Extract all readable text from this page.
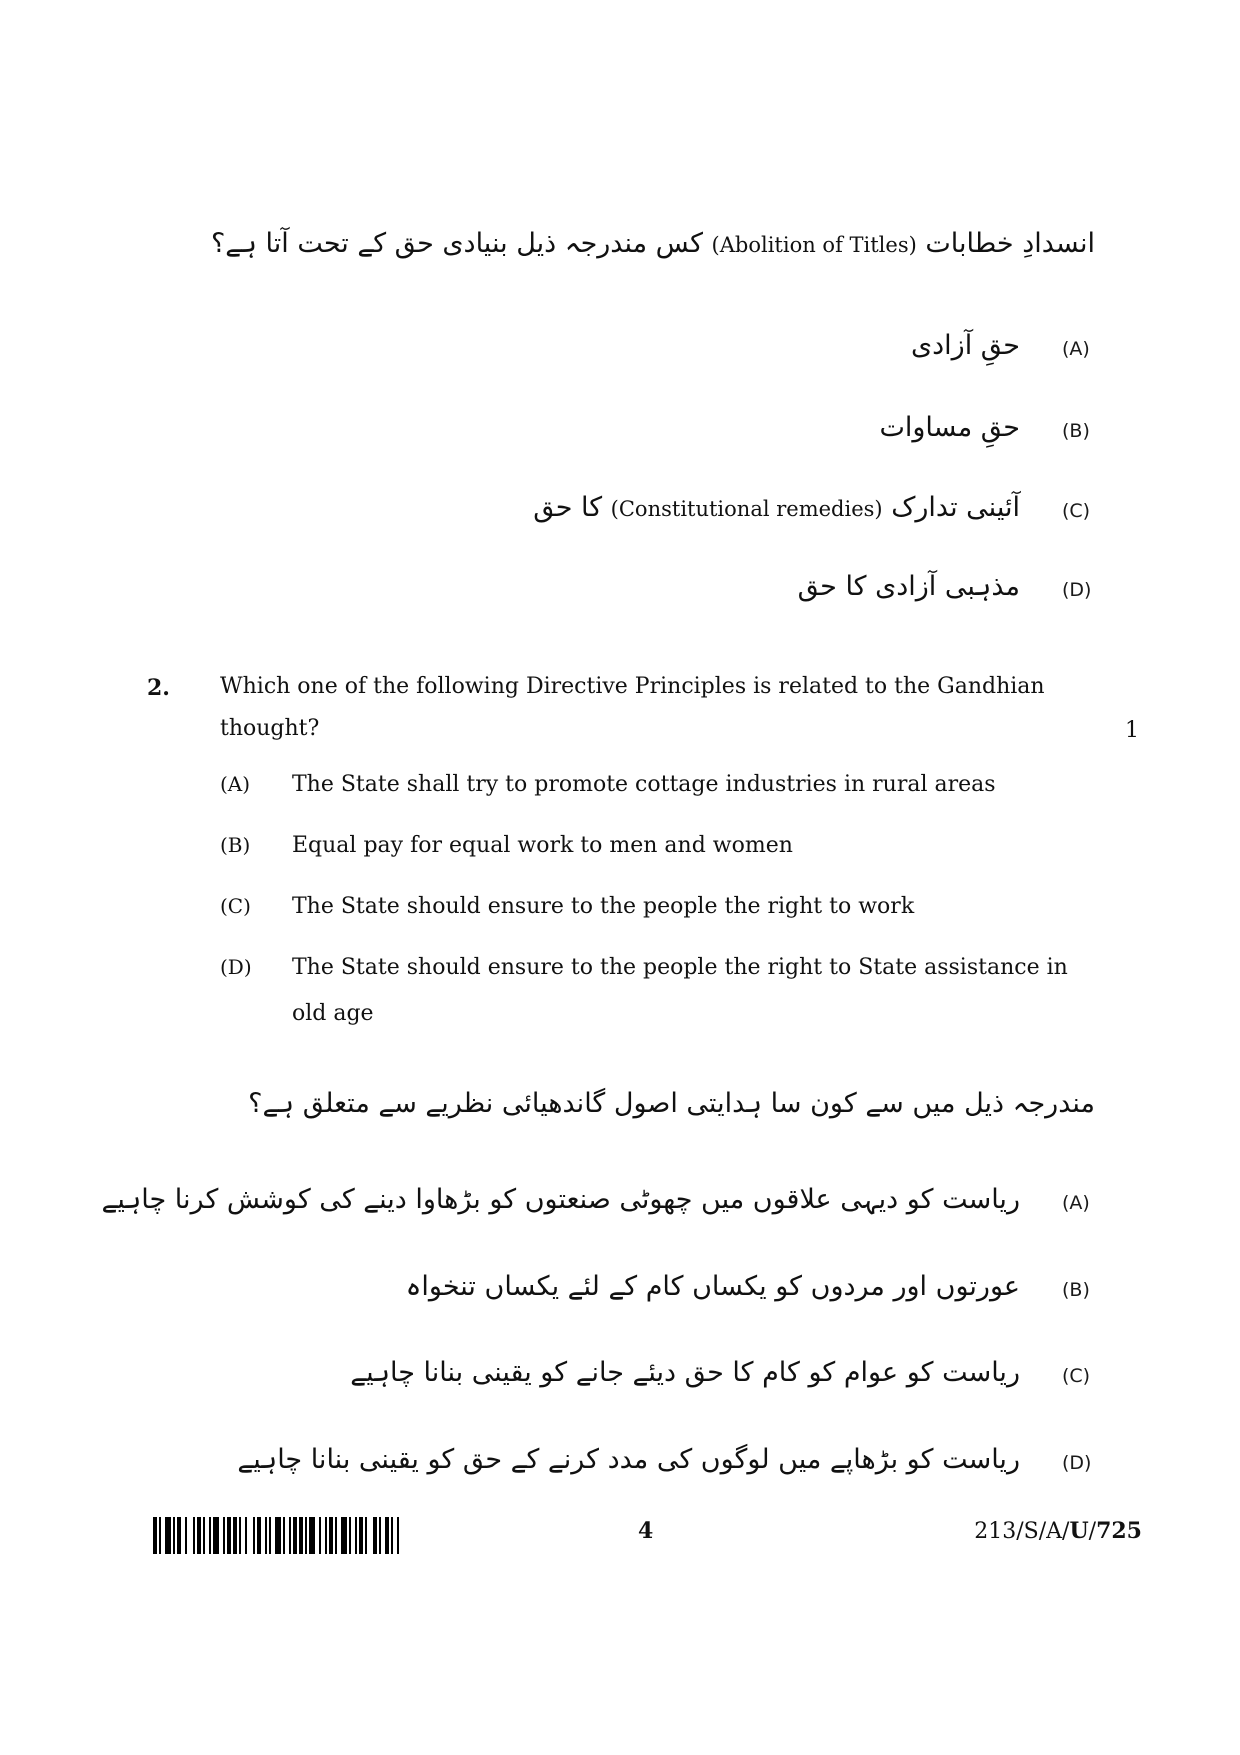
انسدادِ خطابات (Abolition of Titles) کس مندرجہ ذیل بنیادی حق کے تحت آتا ہے؟
(A)
حقِ آزادی
(B)
حقِ مساوات
(C)
آئینی تدارک (Constitutional remedies) کا حق
(D)
مذہبی آزادی کا حق
2. Which one of the following Directive Principles is related to the Gandhian
thought?	1
(A) The State shall try to promote cottage industries in rural areas
(B) Equal pay for equal work to men and women
(C) The State should ensure to the people the right to work
(D) The State should ensure to the people the right to State assistance in
old age
مندرجہ ذیل میں سے کون سا ہدایتی اصول گاندھیائی نظریے سے متعلق ہے؟
(A)
ریاست کو دیہی علاقوں میں چھوٹی صنعتوں کو بڑھاوا دینے کی کوشش کرنا چاہیے
(B)
عورتوں اور مردوں کو یکساں کام کے لئے یکساں تنخواہ
(C)
ریاست کو عوام کو کام کا حق دیئے جانے کو یقینی بنانا چاہیے
(D)
ریاست کو بڑھاپے میں لوگوں کی مدد کرنے کے حق کو یقینی بنانا چاہیے
4	213/S/A/U/725
